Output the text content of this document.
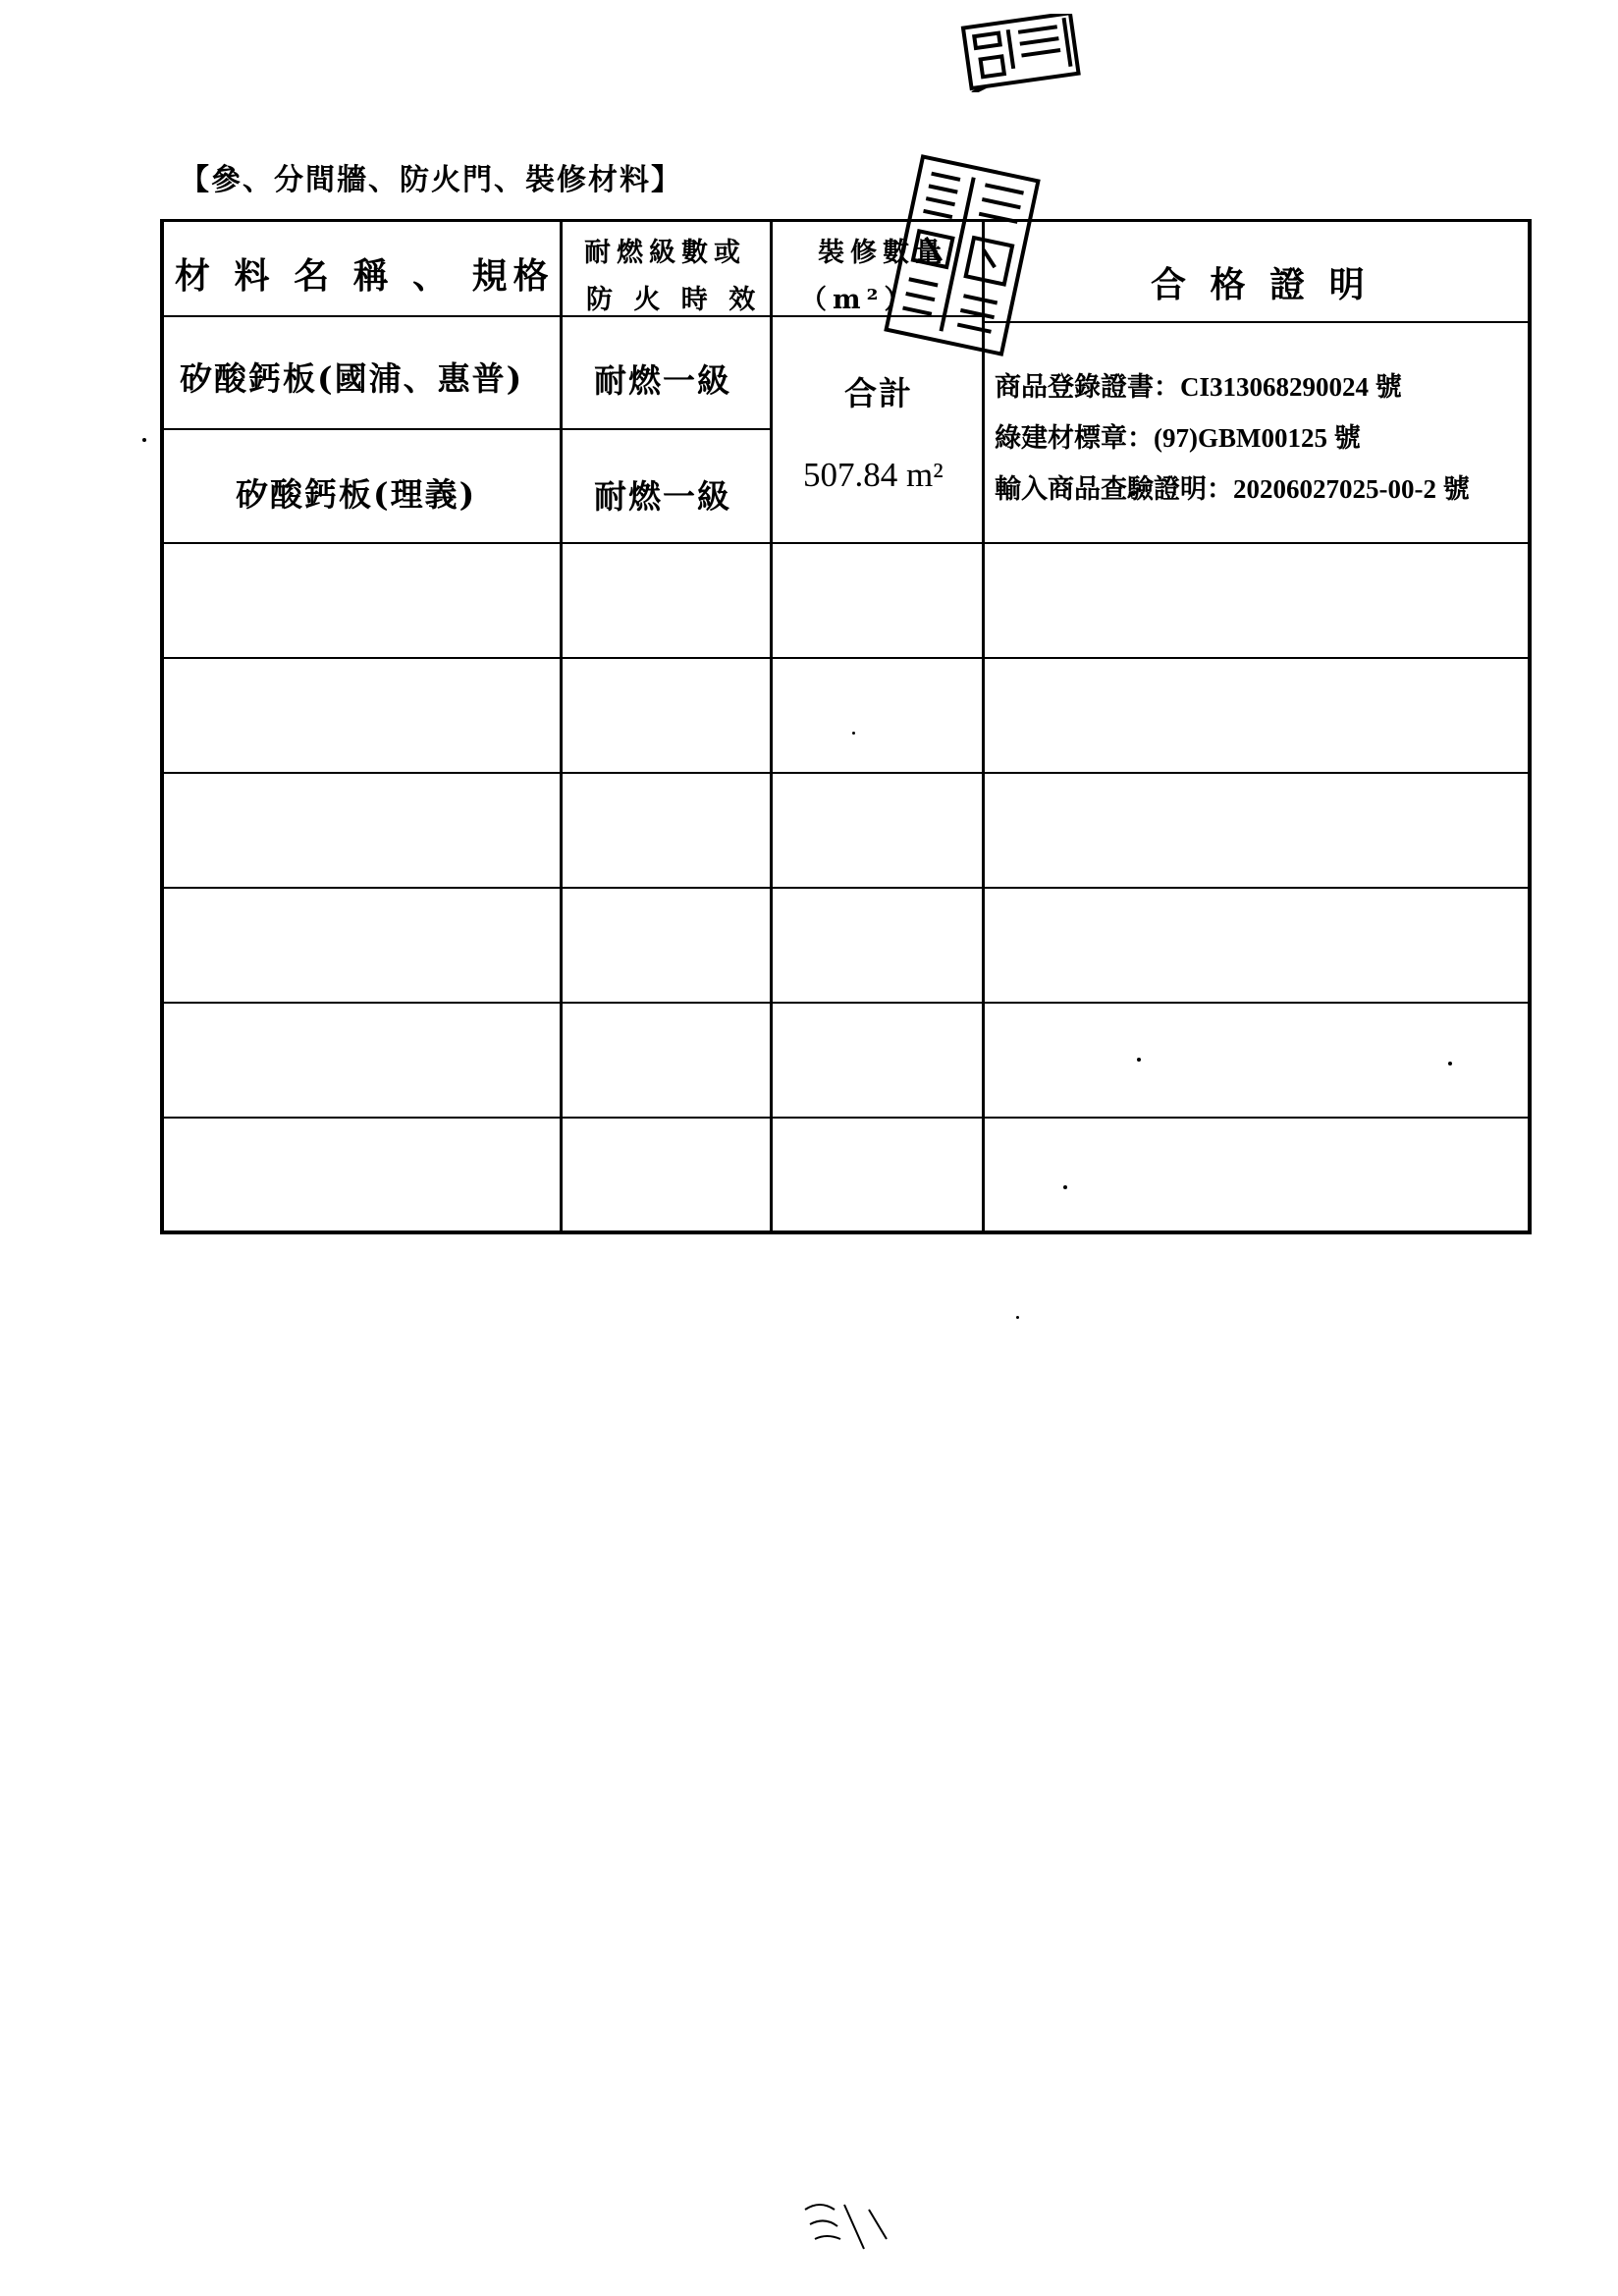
【參、分間牆、防火門、裝修材料】
材 料 名 稱 、 規格
耐燃級數或
防 火 時 效
裝修數量
（m²）	合 格 證 明
矽酸鈣板(國浦、惠普) 耐燃一級
矽酸鈣板(理義)	耐燃一級
合計
507.84 m²
商品登錄證書：CI313068290024 號
綠建材標章：(97)GBM00125 號
輸入商品查驗證明：20206027025-00-2 號
